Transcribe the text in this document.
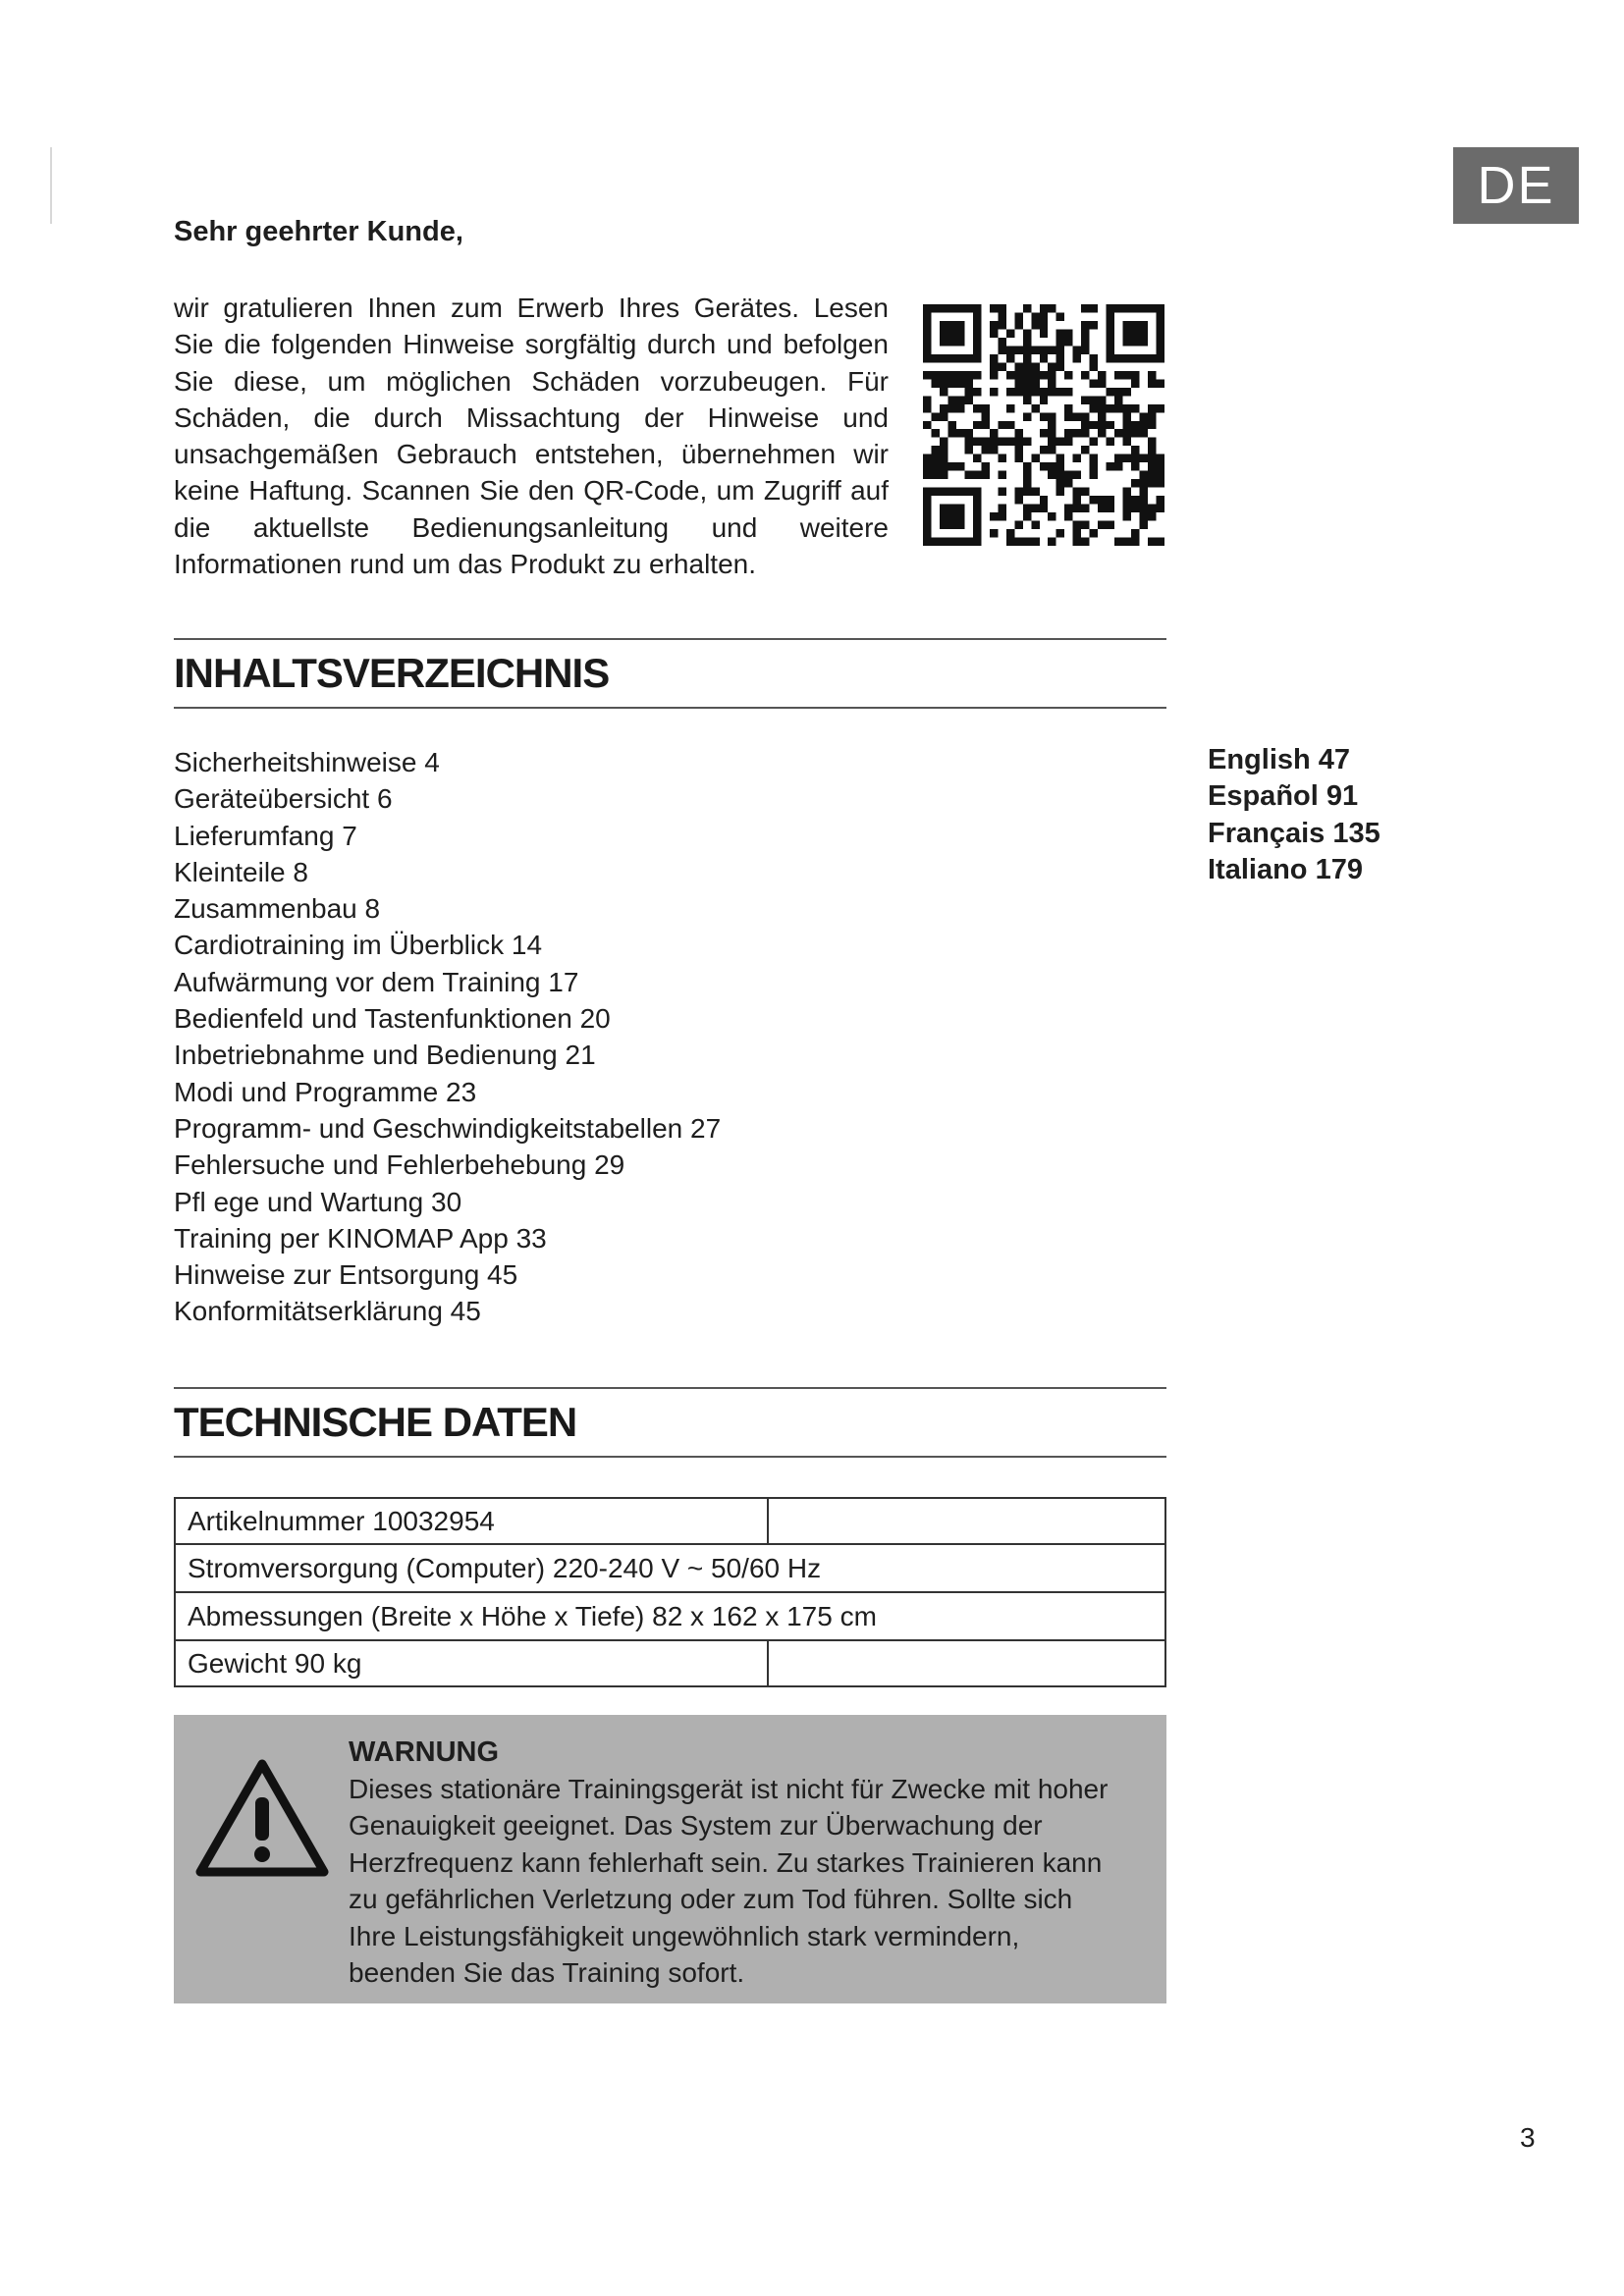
DE
Sehr geehrter Kunde,

wir gratulieren Ihnen zum Erwerb Ihres Gerätes. Lesen Sie die folgenden Hinweise sorgfältig durch und befolgen Sie diese, um möglichen Schäden vorzubeugen. Für Schäden, die durch Missachtung der Hinweise und unsachgemäßen Gebrauch entstehen, übernehmen wir keine Haftung. Scannen Sie den QR-Code, um Zugriff auf die aktuellste Bedienungsanleitung und weitere Informationen rund um das Produkt zu erhalten.

INHALTSVERZEICHNIS
Sicherheitshinweise 4
Geräteübersicht 6
Lieferumfang 7
Kleinteile 8
Zusammenbau 8
Cardiotraining im Überblick 14
Aufwärmung vor dem Training 17
Bedienfeld und Tastenfunktionen 20
Inbetriebnahme und Bedienung 21
Modi und Programme 23
Programm- und Geschwindigkeitstabellen 27
Fehlersuche und Fehlerbehebung 29
Pfl ege und Wartung 30
Training per KINOMAP App 33
Hinweise zur Entsorgung 45
Konformitätserklärung 45
English 47
Español 91
Français 135
Italiano 179
TECHNISCHE DATEN
Artikelnummer 10032954	
Stromversorgung (Computer) 220-240 V ~ 50/60 Hz	
Abmessungen (Breite x Höhe x Tiefe) 82 x 162 x 175 cm	
Gewicht 90 kg	
WARNUNG
Dieses stationäre Trainingsgerät ist nicht für Zwecke mit hoher
Genauigkeit geeignet. Das System zur Überwachung der
Herzfrequenz kann fehlerhaft sein. Zu starkes Trainieren kann
zu gefährlichen Verletzung oder zum Tod führen. Sollte sich
Ihre Leistungsfähigkeit ungewöhnlich stark vermindern,
beenden Sie das Training sofort.
3
